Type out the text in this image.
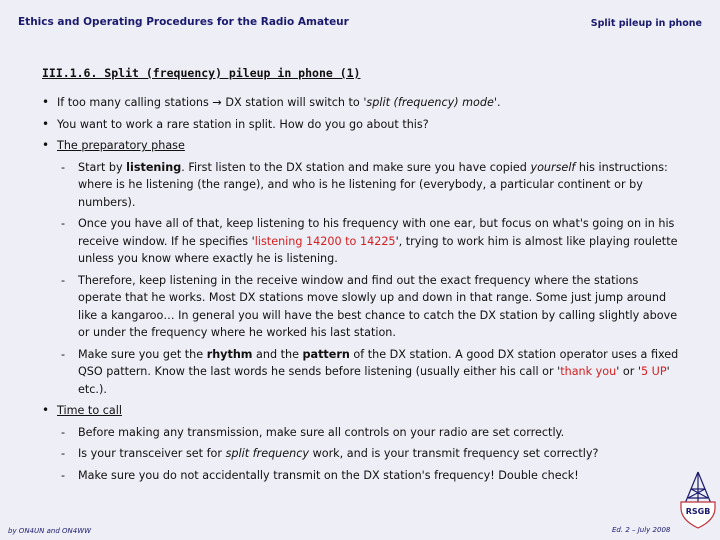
Ethics and Operating Procedures for the Radio Amateur	Split pileup in phone
III.1.6. Split (frequency) pileup in phone (1)
• If too many calling stations → DX station will switch to 'split (frequency) mode'.
• You want to work a rare station in split. How do you go about this?
• The preparatory phase
- Start by listening. First listen to the DX station and make sure you have copied yourself his instructions: where is he listening (the range), and who is he listening for (everybody, a particular continent or by numbers).
- Once you have all of that, keep listening to his frequency with one ear, but focus on what's going on in his receive window. If he specifies 'listening 14200 to 14225', trying to work him is almost like playing roulette unless you know where exactly he is listening.
- Therefore, keep listening in the receive window and find out the exact frequency where the stations operate that he works. Most DX stations move slowly up and down in that range. Some just jump around like a kangaroo… In general you will have the best chance to catch the DX station by calling slightly above or under the frequency where he worked his last station.
- Make sure you get the rhythm and the pattern of the DX station. A good DX station operator uses a fixed QSO pattern. Know the last words he sends before listening (usually either his call or 'thank you' or '5 UP' etc.).
• Time to call
- Before making any transmission, make sure all controls on your radio are set correctly.
- Is your transceiver set for split frequency work, and is your transmit frequency set correctly?
- Make sure you do not accidentally transmit on the DX station's frequency! Double check!
RSGB
by ON4UN and ON4WW	Ed. 2 – July 2008
